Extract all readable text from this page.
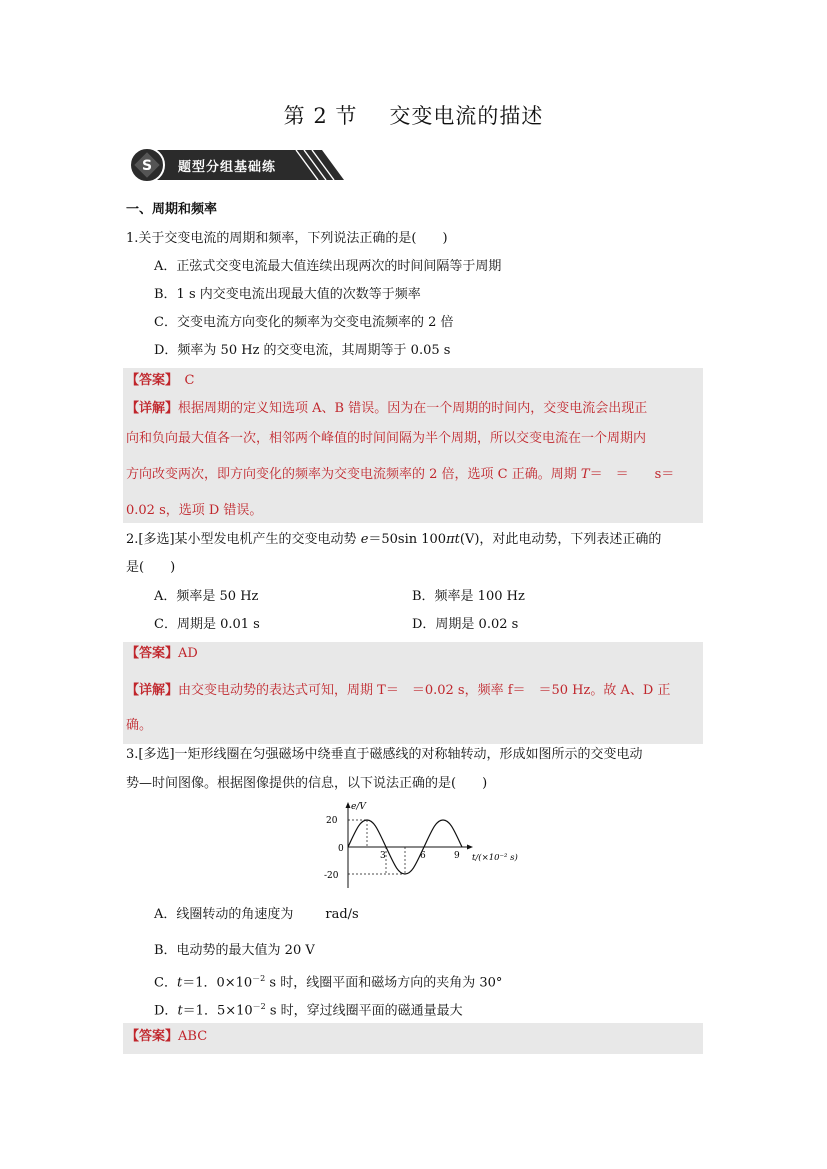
第 2 节 交变电流的描述
S 题型分组基础练
一、周期和频率
1.关于交变电流的周期和频率，下列说法正确的是(　　)
A．正弦式交变电流最大值连续出现两次的时间间隔等于周期
B．1 s 内交变电流出现最大值的次数等于频率
C．交变电流方向变化的频率为交变电流频率的 2 倍
D．频率为 50 Hz 的交变电流，其周期等于 0.05 s
【答案】　C
【详解】根据周期的定义知选项 A、B 错误。因为在一个周期的时间内，交变电流会出现正
向和负向最大值各一次，相邻两个峰值的时间间隔为半个周期，所以交变电流在一个周期内
方向改变两次，即方向变化的频率为交变电流频率的 2 倍，选项 C 正确。周期 T＝　＝　　s＝
0.02 s，选项 D 错误。
2.[多选]某小型发电机产生的交变电动势 e＝50sin 100πt(V)，对此电动势，下列表述正确的
是(　　)
A．频率是 50 Hz	B．频率是 100 Hz
C．周期是 0.01 s	D．周期是 0.02 s
【答案】AD
【详解】由交变电动势的表达式可知，周期 T＝　＝0.02 s，频率 f＝　＝50 Hz。故 A、D 正
确。
3.[多选]一矩形线圈在匀强磁场中绕垂直于磁感线的对称轴转动，形成如图所示的交变电动
势—时间图像。根据图像提供的信息，以下说法正确的是(　　)
e/V
20
0
-20
3	6	9 t/(×10⁻² s)
A．线圈转动的角速度为 rad/s
B．电动势的最大值为 20 V
C．t＝1．$0\times 10^{-2}$ s 时，线圈平面和磁场方向的夹角为 30°
D．t＝1．$5\times 10^{-2}$ s 时，穿过线圈平面的磁通量最大
【答案】ABC
